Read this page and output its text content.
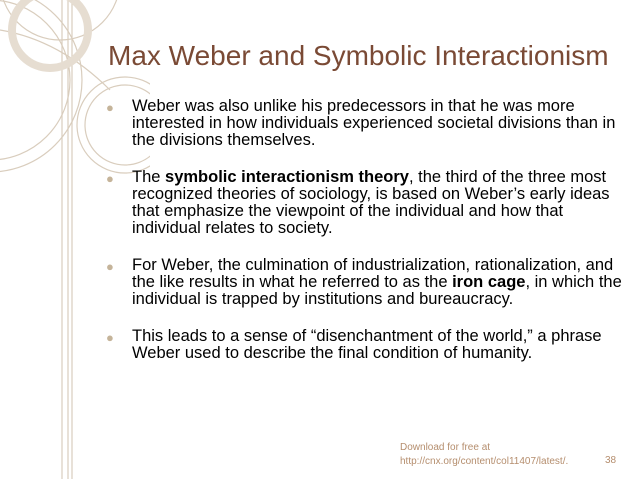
Max Weber and Symbolic Interactionism
● Weber was also unlike his predecessors in that he was more interested in how individuals experienced societal divisions than in the divisions themselves.
● The symbolic interactionism theory, the third of the three most recognized theories of sociology, is based on Weber’s early ideas that emphasize the viewpoint of the individual and how that individual relates to society.
● For Weber, the culmination of industrialization, rationalization, and the like results in what he referred to as the iron cage, in which the individual is trapped by institutions and bureaucracy.
● This leads to a sense of “disenchantment of the world,” a phrase Weber used to describe the final condition of humanity.
Download for free at
http://cnx.org/content/col11407/latest/.	38
